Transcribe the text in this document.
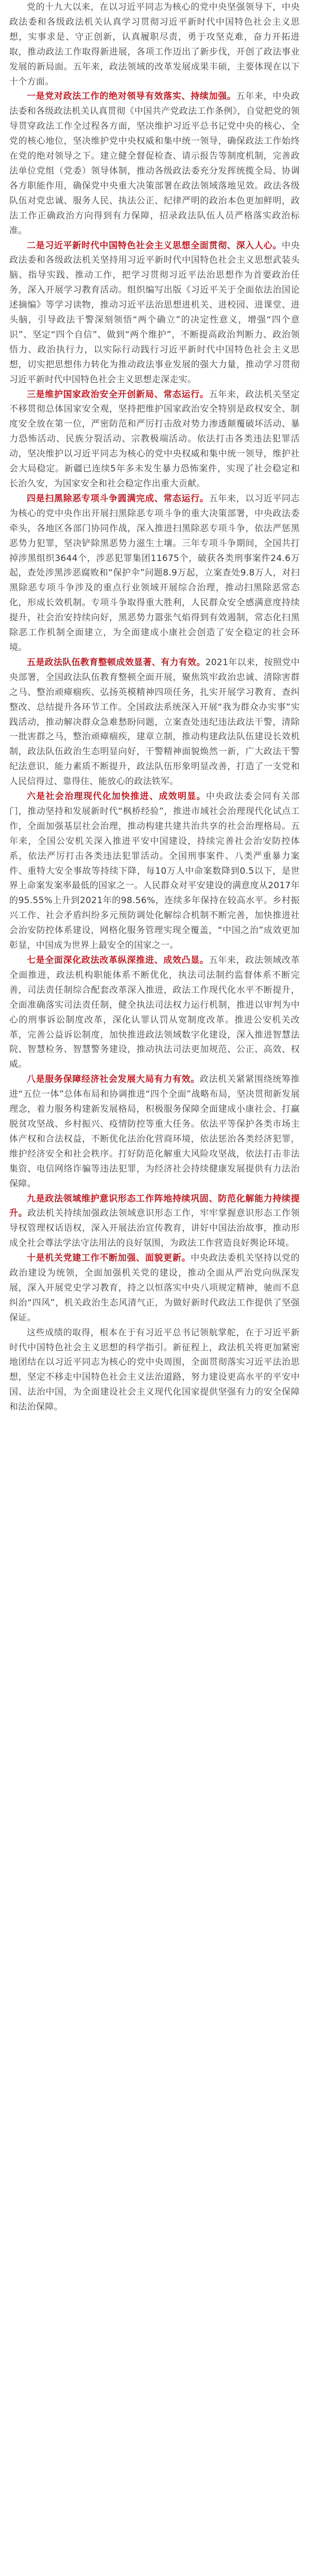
党的十九大以来，在以习近平同志为核心的党中央坚强领导下，中央政法委和各级政法机关认真学习贯彻习近平新时代中国特色社会主义思想，实事求是、守正创新，认真履职尽责，勇于攻坚克难，奋力开拓进取，推动政法工作取得新进展，各项工作迈出了新步伐，开创了政法事业发展的新局面。五年来，政法领域的改革发展成果丰硕，主要体现在以下十个方面。

一是党对政法工作的绝对领导有效落实、持续加强。五年来，中央政法委和各级政法机关认真贯彻《中国共产党政法工作条例》，自觉把党的领导贯穿政法工作全过程各方面，坚决维护习近平总书记党中央的核心、全党的核心地位，坚决维护党中央权威和集中统一领导，确保政法工作始终在党的绝对领导之下。建立健全督促检查、请示报告等制度机制，完善政法单位党组（党委）领导体制，推动各级政法委充分发挥统揽全局、协调各方职能作用，确保党中央重大决策部署在政法领域落地见效。政法各级队伍对党忠诚、服务人民、执法公正、纪律严明的政治本色更加鲜明，政法工作正确政治方向得到有力保障，招录政法队伍人员严格落实政治标准。

二是习近平新时代中国特色社会主义思想全面贯彻、深入人心。中央政法委和各级政法机关坚持用习近平新时代中国特色社会主义思想武装头脑、指导实践、推动工作，把学习贯彻习近平法治思想作为首要政治任务，深入开展学习教育活动。组织编写出版《习近平关于全面依法治国论述摘编》等学习读物，推动习近平法治思想进机关、进校园、进课堂、进头脑，引导政法干警深刻领悟“两个确立”的决定性意义，增强“四个意识”、坚定“四个自信”、做到“两个维护”，不断提高政治判断力、政治领悟力、政治执行力，以实际行动践行习近平新时代中国特色社会主义思想，切实把思想伟力转化为推动政法事业发展的强大力量，推动学习贯彻习近平新时代中国特色社会主义思想走深走实。

三是维护国家政治安全开创新局、常态运行。五年来，政法机关坚定不移贯彻总体国家安全观，坚持把维护国家政治安全特别是政权安全、制度安全放在第一位，严密防范和严厉打击敌对势力渗透颠覆破坏活动、暴力恐怖活动、民族分裂活动、宗教极端活动。依法打击各类违法犯罪活动，坚决维护以习近平同志为核心的党中央权威和集中统一领导，维护社会大局稳定。新疆已连续5年多未发生暴力恐怖案件，实现了社会稳定和长治久安，为国家安全和社会稳定作出重大贡献。

四是扫黑除恶专项斗争圆满完成、常态运行。五年来，以习近平同志为核心的党中央作出开展扫黑除恶专项斗争的重大决策部署，中央政法委牵头，各地区各部门协同作战，深入推进扫黑除恶专项斗争，依法严惩黑恶势力犯罪，坚决铲除黑恶势力滋生土壤。三年专项斗争期间，全国共打掉涉黑组织3644个，涉恶犯罪集团11675个，破获各类刑事案件24.6万起，查处涉黑涉恶腐败和“保护伞”问题8.9万起，立案查处9.8万人，对扫黑除恶专项斗争涉及的重点行业领域开展综合治理，推动扫黑除恶常态化，形成长效机制。专项斗争取得重大胜利，人民群众安全感满意度持续提升，社会治安持续向好，黑恶势力嚣张气焰得到有效遏制，常态化扫黑除恶工作机制全面建立，为全面建成小康社会创造了安全稳定的社会环境。

五是政法队伍教育整顿成效显著、有力有效。2021年以来，按照党中央部署，全国政法队伍教育整顿全面开展，聚焦筑牢政治忠诚、清除害群之马、整治顽瘴痼疾、弘扬英模精神四项任务，扎实开展学习教育、查纠整改、总结提升各环节工作。全国政法系统深入开展“我为群众办实事”实践活动，推动解决群众急难愁盼问题，立案查处违纪违法政法干警，清除一批害群之马，整治顽瘴痼疾，建章立制，推动构建政法队伍建设长效机制，政法队伍政治生态明显向好，干警精神面貌焕然一新，广大政法干警纪法意识、能力素质不断提升，政法队伍形象明显改善，打造了一支党和人民信得过、靠得住、能放心的政法铁军。

六是社会治理现代化加快推进、成效明显。中央政法委会同有关部门，推动坚持和发展新时代“枫桥经验”，推进市域社会治理现代化试点工作，全面加强基层社会治理，推动构建共建共治共享的社会治理格局。五年来，全国公安机关深入推进平安中国建设，持续完善社会治安防控体系，依法严厉打击各类违法犯罪活动。全国刑事案件、八类严重暴力案件、重特大安全事故等持续下降，每10万人中命案数降到0.5以下，是世界上命案发案率最低的国家之一。人民群众对平安建设的满意度从2017年的95.55%上升到2021年的98.56%，连续多年保持在较高水平。乡村振兴工作、社会矛盾纠纷多元预防调处化解综合机制不断完善，加快推进社会治安防控体系建设，网格化服务管理实现全覆盖，“中国之治”成效更加彰显，中国成为世界上最安全的国家之一。

七是全面深化政法改革纵深推进、成效凸显。五年来，政法领域改革全面推进，政法机构职能体系不断优化，执法司法制约监督体系不断完善，司法责任制综合配套改革深入推进，政法工作现代化水平不断提升，全面准确落实司法责任制，健全执法司法权力运行机制，推进以审判为中心的刑事诉讼制度改革，深化认罪认罚从宽制度改革。推进公安机关改革，完善公益诉讼制度，加快推进政法领域数字化建设，深入推进智慧法院、智慧检务、智慧警务建设，推动执法司法更加规范、公正、高效、权威。

八是服务保障经济社会发展大局有力有效。政法机关紧紧围绕统筹推进“五位一体”总体布局和协调推进“四个全面”战略布局，坚决贯彻新发展理念，着力服务构建新发展格局，积极服务保障全面建成小康社会、打赢脱贫攻坚战、乡村振兴、疫情防控等重大任务。依法平等保护各类市场主体产权和合法权益，不断优化法治化营商环境，依法惩治各类经济犯罪，维护经济安全和社会秩序。打好防范化解重大风险攻坚战，依法打击非法集资、电信网络诈骗等违法犯罪，为经济社会持续健康发展提供有力法治保障。

九是政法领域维护意识形态工作阵地持续巩固、防范化解能力持续提升。政法机关持续加强政法领域意识形态工作，牢牢掌握意识形态工作领导权管理权话语权，深入开展法治宣传教育，讲好中国法治故事，推动形成全社会尊法学法守法用法的良好氛围，为政法工作营造良好舆论环境。

十是机关党建工作不断加强、面貌更新。中央政法委机关坚持以党的政治建设为统领，全面加强机关党的建设，推动全面从严治党向纵深发展，深入开展党史学习教育，持之以恒落实中央八项规定精神，驰而不息纠治“四风”，机关政治生态风清气正，为做好新时代政法工作提供了坚强保证。

这些成绩的取得，根本在于有习近平总书记领航掌舵，在于习近平新时代中国特色社会主义思想的科学指引。新征程上，政法机关将更加紧密地团结在以习近平同志为核心的党中央周围，全面贯彻落实习近平法治思想，坚定不移走中国特色社会主义法治道路，努力建设更高水平的平安中国、法治中国，为全面建设社会主义现代化国家提供坚强有力的安全保障和法治保障。
